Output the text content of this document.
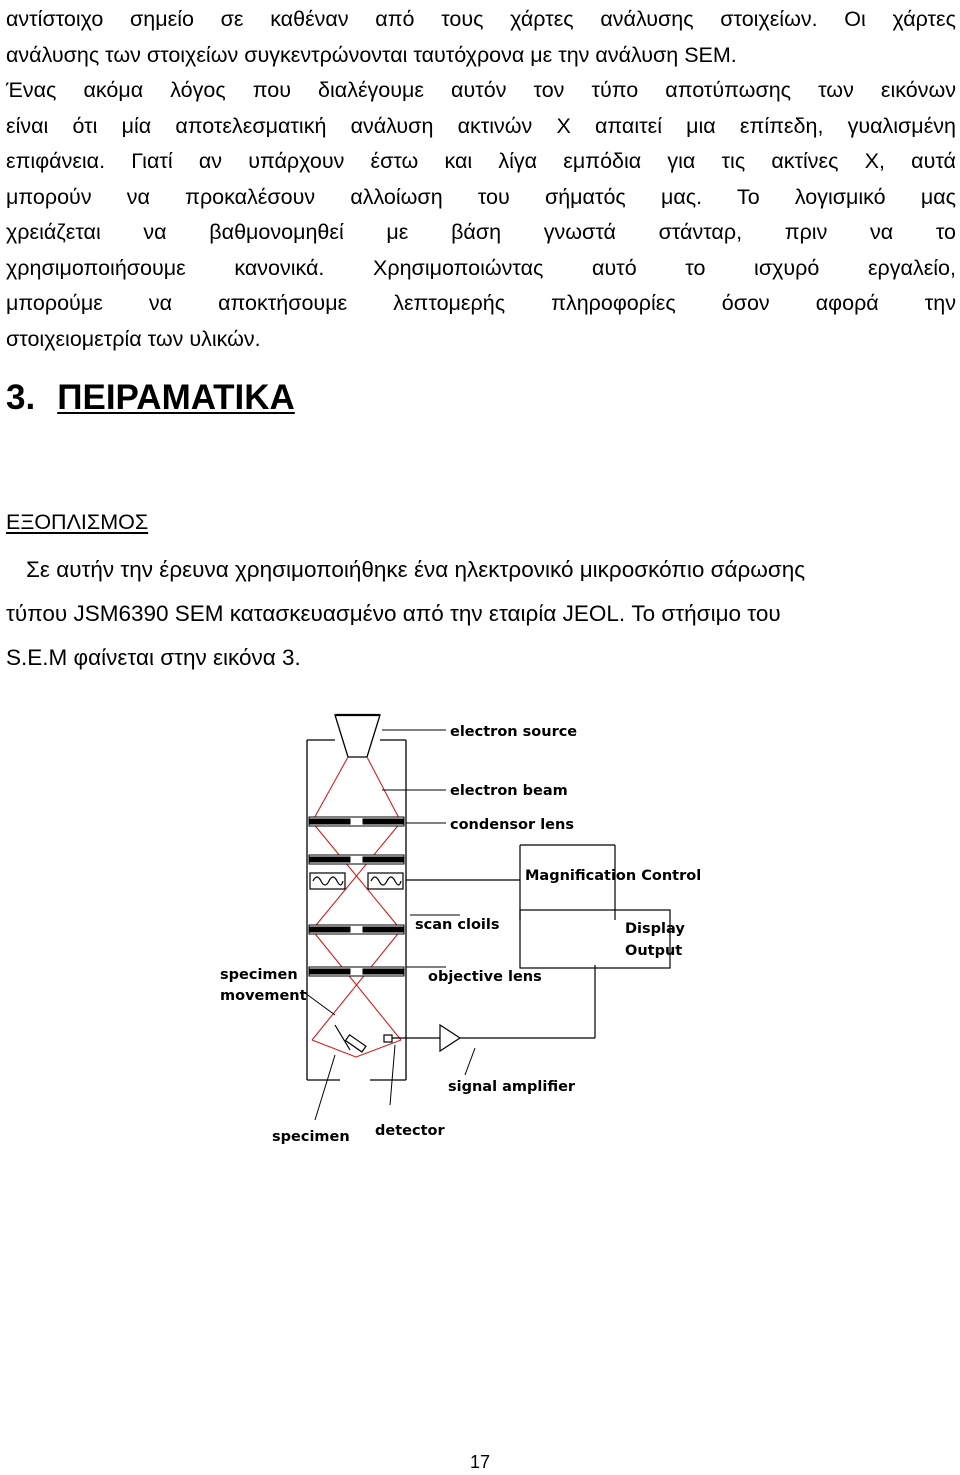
αντίστοιχο σημείο σε καθέναν από τους χάρτες ανάλυσης στοιχείων. Οι χάρτες
ανάλυσης των στοιχείων συγκεντρώνονται ταυτόχρονα με την ανάλυση SEM.
Ένας ακόμα λόγος που διαλέγουμε αυτόν τον τύπο αποτύπωσης των εικόνων
είναι ότι μία αποτελεσματική ανάλυση ακτινών Χ απαιτεί μια επίπεδη, γυαλισμένη
επιφάνεια. Γιατί αν υπάρχουν έστω και λίγα εμπόδια για τις ακτίνες Χ, αυτά
μπορούν να προκαλέσουν αλλοίωση του σήματός μας. Το λογισμικό μας
χρειάζεται να βαθμονομηθεί με βάση γνωστά στάνταρ, πριν να το
χρησιμοποιήσουμε κανονικά. Χρησιμοποιώντας αυτό το ισχυρό εργαλείο,
μπορούμε να αποκτήσουμε λεπτομερής πληροφορίες όσον αφορά την
στοιχειομετρία των υλικών.
3. ΠΕΙΡΑΜΑΤΙΚΑ
ΕΞΟΠΛΙΣΜΟΣ
Σε αυτήν την έρευνα χρησιμοποιήθηκε ένα ηλεκτρονικό μικροσκόπιο σάρωσης
τύπου JSM6390 SEM κατασκευασμένο από την εταιρία JEOL. Το στήσιμο του
S.E.M φαίνεται στην εικόνα 3.
electron source
electron beam
condensor lens
Magnification Control
scan cloils	Display
Output
objective lens
specimen
movement
signal amplifier
specimen detector
17
